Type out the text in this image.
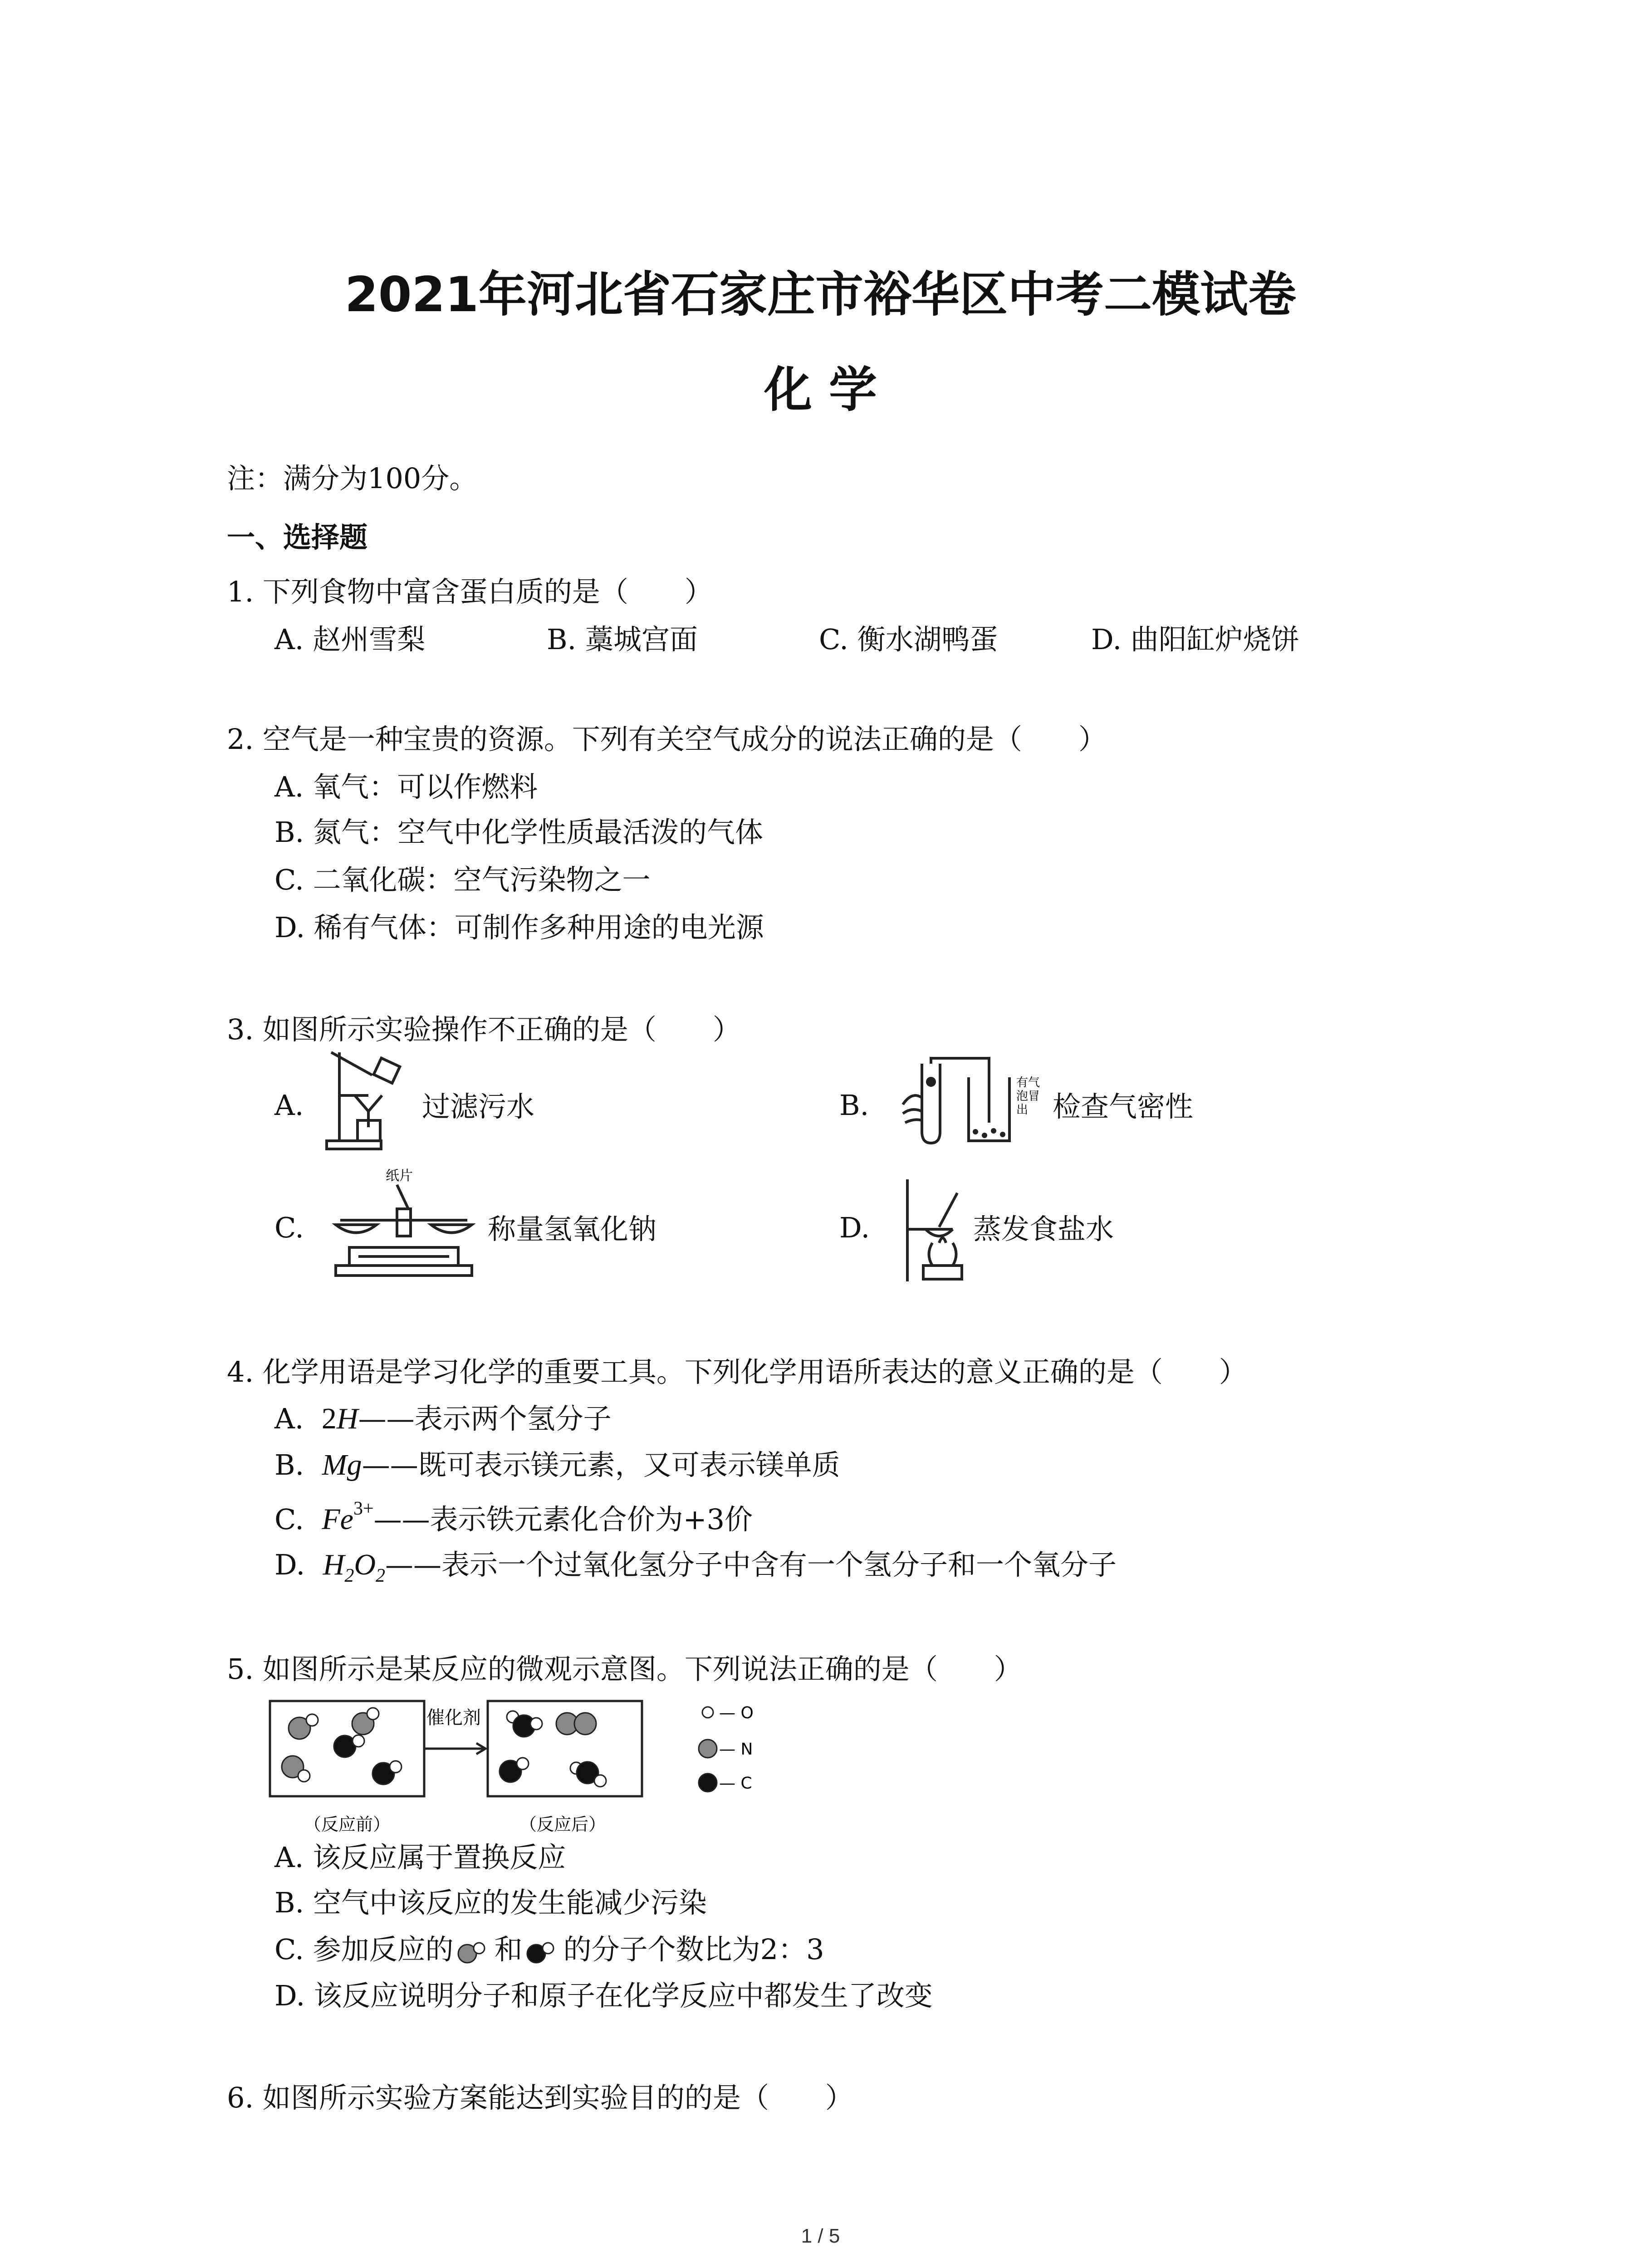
2021年河北省石家庄市裕华区中考二模试卷
化 学
注：满分为100分。
一、选择题
1. 下列食物中富含蛋白质的是（　　）
A. 赵州雪梨	B. 藁城宫面	C. 衡水湖鸭蛋	D. 曲阳缸炉烧饼
2. 空气是一种宝贵的资源。下列有关空气成分的说法正确的是（　　）
A. 氧气：可以作燃料
B. 氮气：空气中化学性质最活泼的气体
C. 二氧化碳：空气污染物之一
D. 稀有气体：可制作多种用途的电光源
3. 如图所示实验操作不正确的是（　　）
A.	过滤污水	B.
有气
泡冒
出 检查气密性
C.
纸片
称量氢氧化钠	D.	蒸发食盐水
4. 化学用语是学习化学的重要工具。下列化学用语所表达的意义正确的是（　　）
A. 2H——表示两个氢分子
B. Mg——既可表示镁元素，又可表示镁单质
C. $Fe^{3+}——$表示铁元素化合价为+3价
D. $H_2O_2——$表示一个过氧化氢分子中含有一个氢分子和一个氧分子
5. 如图所示是某反应的微观示意图。下列说法正确的是（　　）
催化剂
（反应前）	（反应后）
— O
— N
— C
A. 该反应属于置换反应
B. 空气中该反应的发生能减少污染
C. 参加反应的 和 的分子个数比为2：3
D. 该反应说明分子和原子在化学反应中都发生了改变
6. 如图所示实验方案能达到实验目的的是（　　）
1 / 5
